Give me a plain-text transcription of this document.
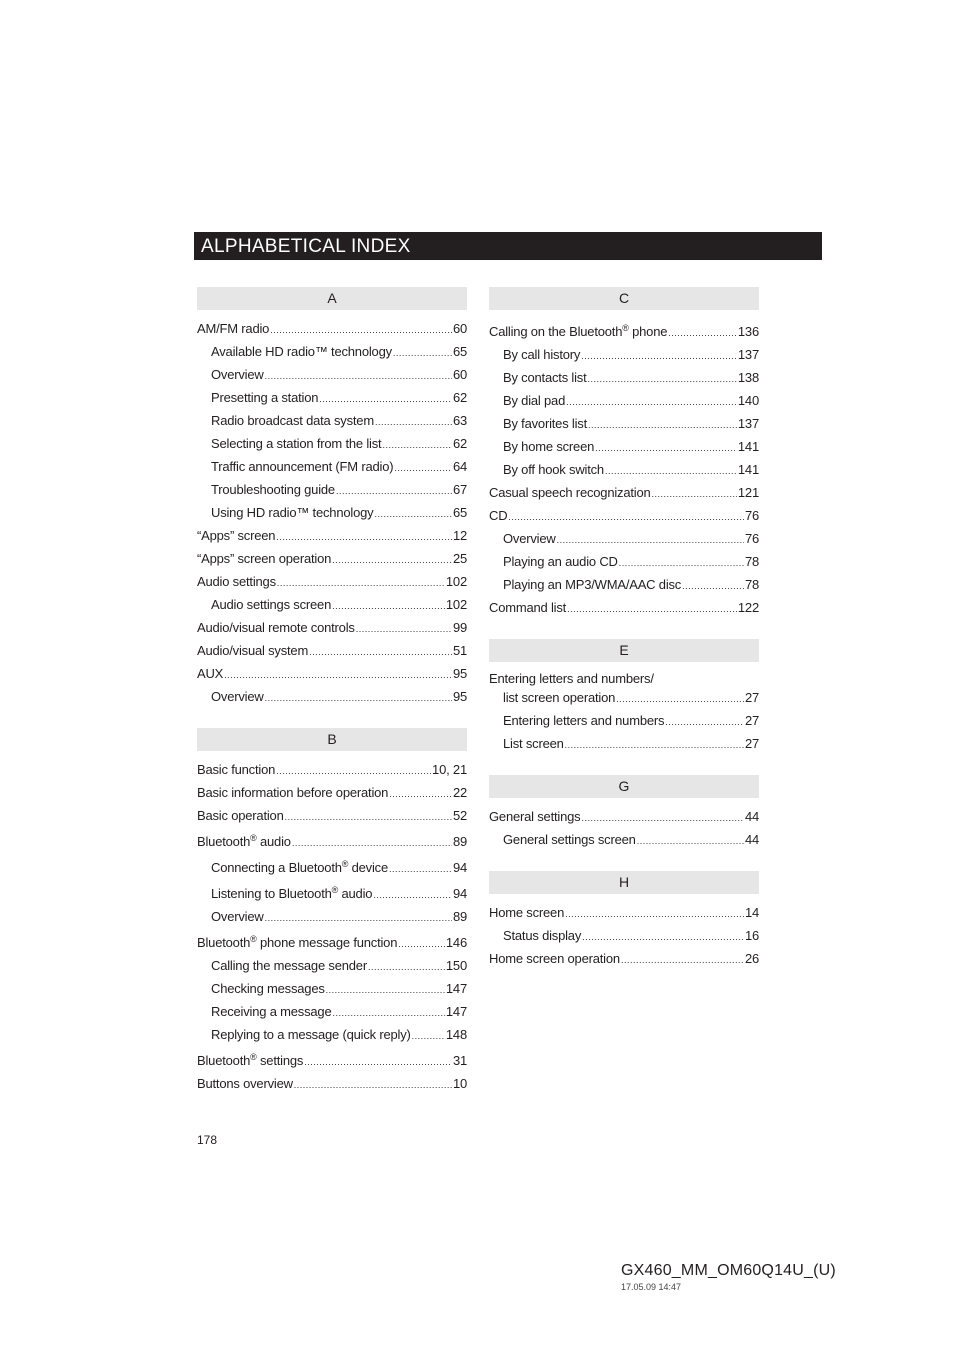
ALPHABETICAL INDEX
A
AM/FM radio .....	60
Available HD radio™ technology .....	65
Overview .....	60
Presetting a station .....	62
Radio broadcast data system .....	63
Selecting a station from the list .....	62
Traffic announcement (FM radio) .....	64
Troubleshooting guide .....	67
Using HD radio™ technology .....	65
“Apps” screen .....	12
“Apps” screen operation .....	25
Audio settings .....	102
Audio settings screen .....	102
Audio/visual remote controls .....	99
Audio/visual system .....	51
AUX .....	95
Overview .....	95
B
Basic function .....	10, 21
Basic information before operation .....	22
Basic operation .....	52
Bluetooth® audio .....	89
Connecting a Bluetooth® device .....	94
Listening to Bluetooth® audio .....	94
Overview .....	89
Bluetooth® phone message function .....	146
Calling the message sender .....	150
Checking messages .....	147
Receiving a message .....	147
Replying to a message (quick reply) .....	148
Bluetooth® settings .....	31
Buttons overview .....	10
C
Calling on the Bluetooth® phone .....	136
By call history .....	137
By contacts list .....	138
By dial pad .....	140
By favorites list .....	137
By home screen .....	141
By off hook switch .....	141
Casual speech recognization .....	121
CD .....	76
Overview .....	76
Playing an audio CD .....	78
Playing an MP3/WMA/AAC disc .....	78
Command list .....	122
E
Entering letters and numbers/
list screen operation .....	27
Entering letters and numbers .....	27
List screen .....	27
G
General settings .....	44
General settings screen .....	44
H
Home screen .....	14
Status display .....	16
Home screen operation .....	26
178
GX460_MM_OM60Q14U_(U)
17.05.09 14:47
